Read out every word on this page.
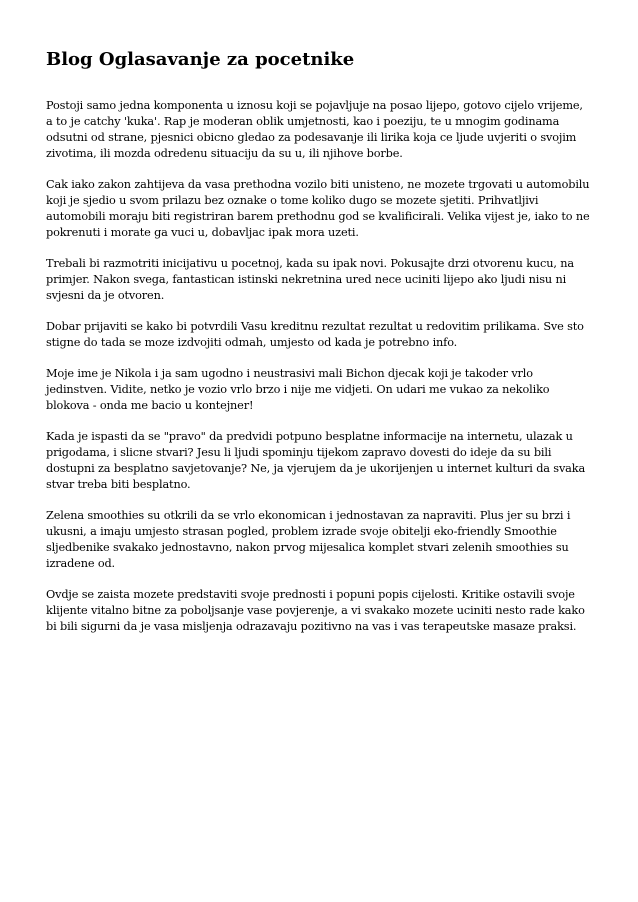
Blog Oglasavanje za pocetnike

Postoji samo jedna komponenta u iznosu koji se pojavljuje na posao lijepo, gotovo cijelo vrijeme, a to je catchy 'kuka'. Rap je moderan oblik umjetnosti, kao i poeziju, te u mnogim godinama odsutni od strane, pjesnici obicno gledao za podesavanje ili lirika koja ce ljude uvjeriti o svojim zivotima, ili mozda odredenu situaciju da su u, ili njihove borbe.

Cak iako zakon zahtijeva da vasa prethodna vozilo biti unisteno, ne mozete trgovati u automobilu koji je sjedio u svom prilazu bez oznake o tome koliko dugo se mozete sjetiti. Prihvatljivi automobili moraju biti registriran barem prethodnu god se kvalificirali. Velika vijest je, iako to ne pokrenuti i morate ga vuci u, dobavljac ipak mora uzeti.

Trebali bi razmotriti inicijativu u pocetnoj, kada su ipak novi. Pokusajte drzi otvorenu kucu, na primjer. Nakon svega, fantastican istinski nekretnina ured nece uciniti lijepo ako ljudi nisu ni svjesni da je otvoren.

Dobar prijaviti se kako bi potvrdili Vasu kreditnu rezultat rezultat u redovitim prilikama. Sve sto stigne do tada se moze izdvojiti odmah, umjesto od kada je potrebno info.

Moje ime je Nikola i ja sam ugodno i neustrasivi mali Bichon djecak koji je takoder vrlo jedinstven. Vidite, netko je vozio vrlo brzo i nije me vidjeti. On udari me vukao za nekoliko blokova - onda me bacio u kontejner!

Kada je ispasti da se "pravo" da predvidi potpuno besplatne informacije na internetu, ulazak u prigodama, i slicne stvari? Jesu li ljudi spominju tijekom zapravo dovesti do ideje da su bili dostupni za besplatno savjetovanje? Ne, ja vjerujem da je ukorijenjen u internet kulturi da svaka stvar treba biti besplatno.

Zelena smoothies su otkrili da se vrlo ekonomican i jednostavan za napraviti. Plus jer su brzi i ukusni, a imaju umjesto strasan pogled, problem izrade svoje obitelji eko-friendly Smoothie sljedbenike svakako jednostavno, nakon prvog mijesalica komplet stvari zelenih smoothies su izradene od.

Ovdje se zaista mozete predstaviti svoje prednosti i popuni popis cijelosti. Kritike ostavili svoje klijente vitalno bitne za poboljsanje vase povjerenje, a vi svakako mozete uciniti nesto rade kako bi bili sigurni da je vasa misljenja odrazavaju pozitivno na vas i vas terapeutske masaze praksi.
